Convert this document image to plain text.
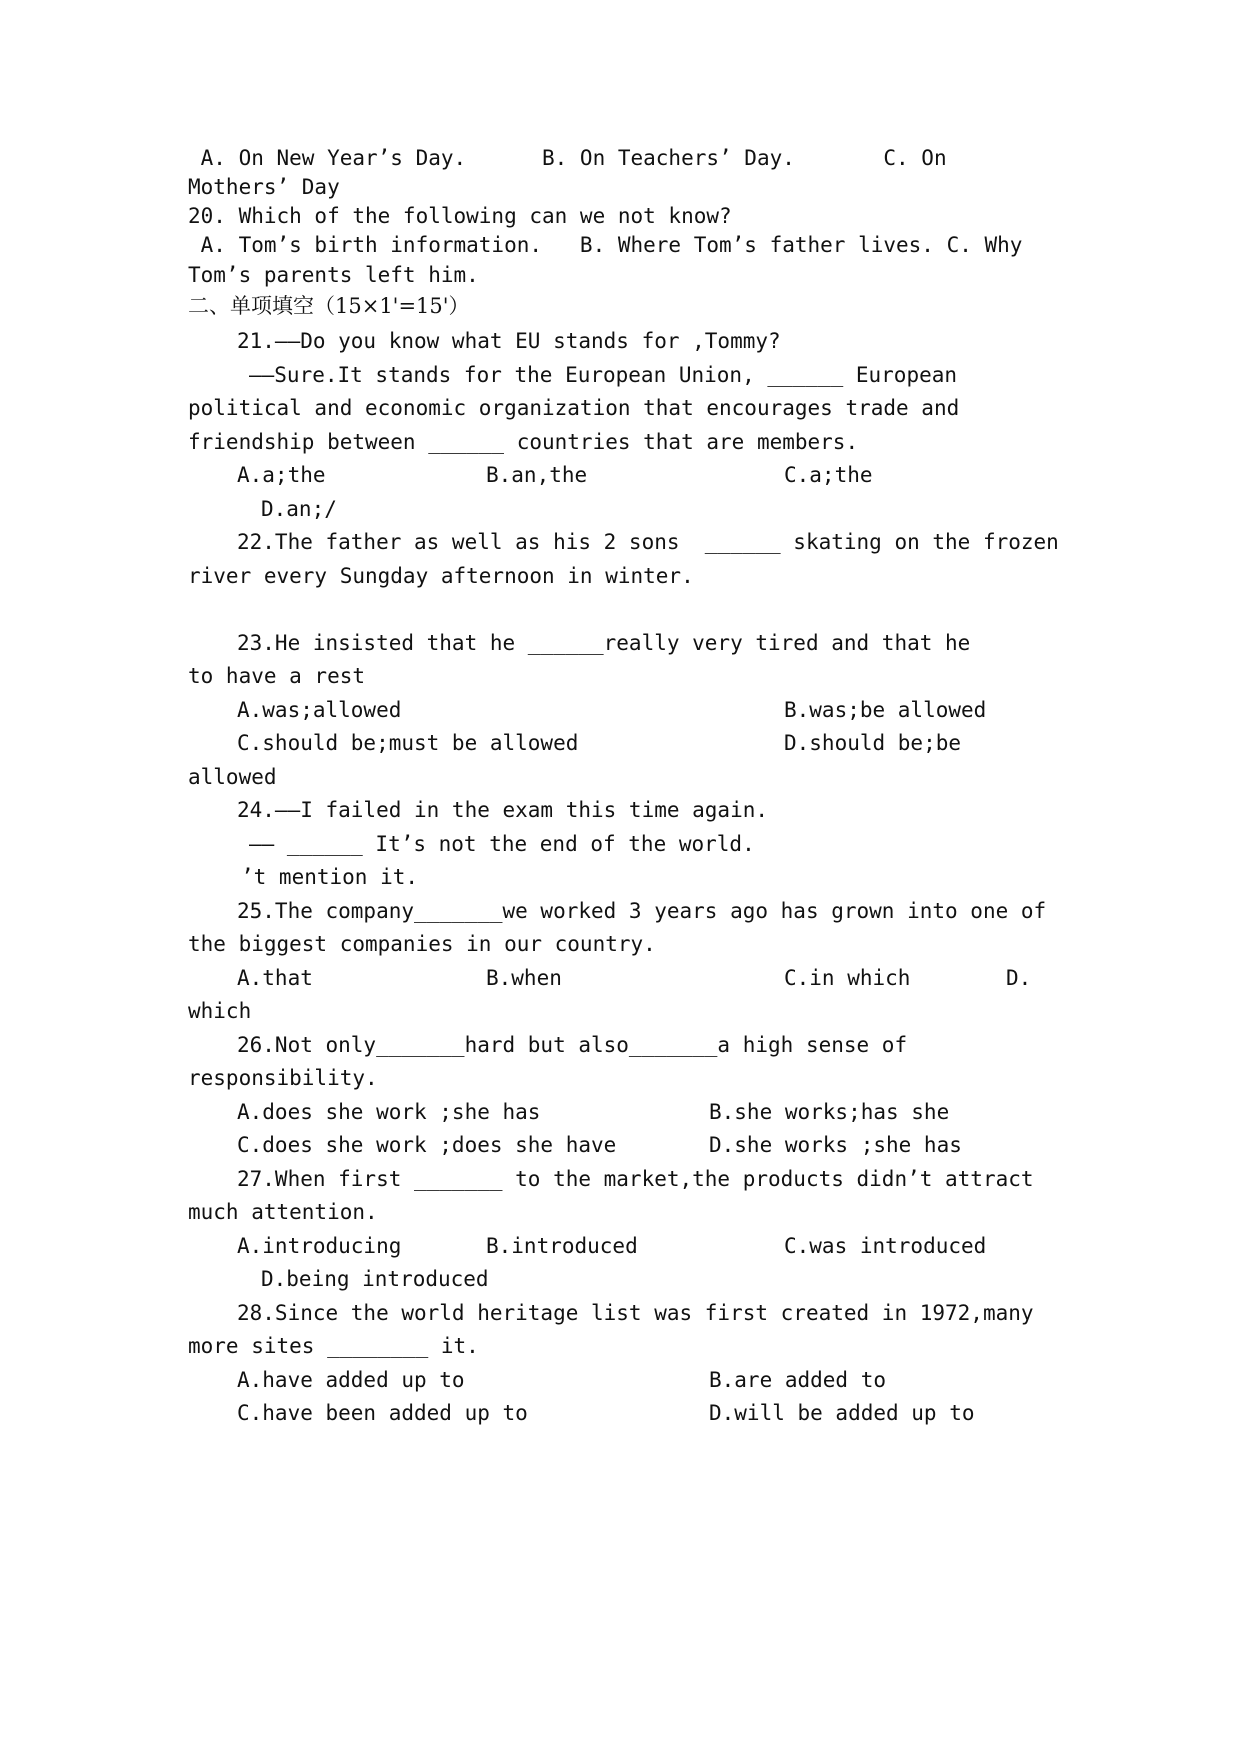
A. On New Year’s Day.      B. On Teachers’ Day.       C. On
Mothers’ Day
20. Which of the following can we not know?
A. Tom’s birth information.   B. Where Tom’s father lives. C. Why
Tom’s parents left him.
二、单项填空（15×1'=15'）
21.——Do you know what EU stands for ,Tommy?
——Sure.It stands for the European Union, ______ European
political and economic organization that encourages trade and
friendship between ______ countries that are members.
A.a;the	B.an,the	C.a;the
D.an;/
22.The father as well as his 2 sons  ______ skating on the frozen
river every Sungday afternoon in winter.
23.He insisted that he ______really very tired and that he
to have a rest
A.was;allowed	B.was;be allowed
C.should be;must be allowed	D.should be;be
allowed
24.——I failed in the exam this time again.
—— ______ It’s not the end of the world.
’t mention it.
25.The company_______we worked 3 years ago has grown into one of
the biggest companies in our country.
A.that	B.when	C.in which	D.
which
26.Not only_______hard but also_______a high sense of
responsibility.
A.does she work ;she has	B.she works;has she
C.does she work ;does she have	D.she works ;she has
27.When first _______ to the market,the products didn’t attract
much attention.
A.introducing	B.introduced	C.was introduced
D.being introduced
28.Since the world heritage list was first created in 1972,many
more sites ________ it.
A.have added up to	B.are added to
C.have been added up to	D.will be added up to
